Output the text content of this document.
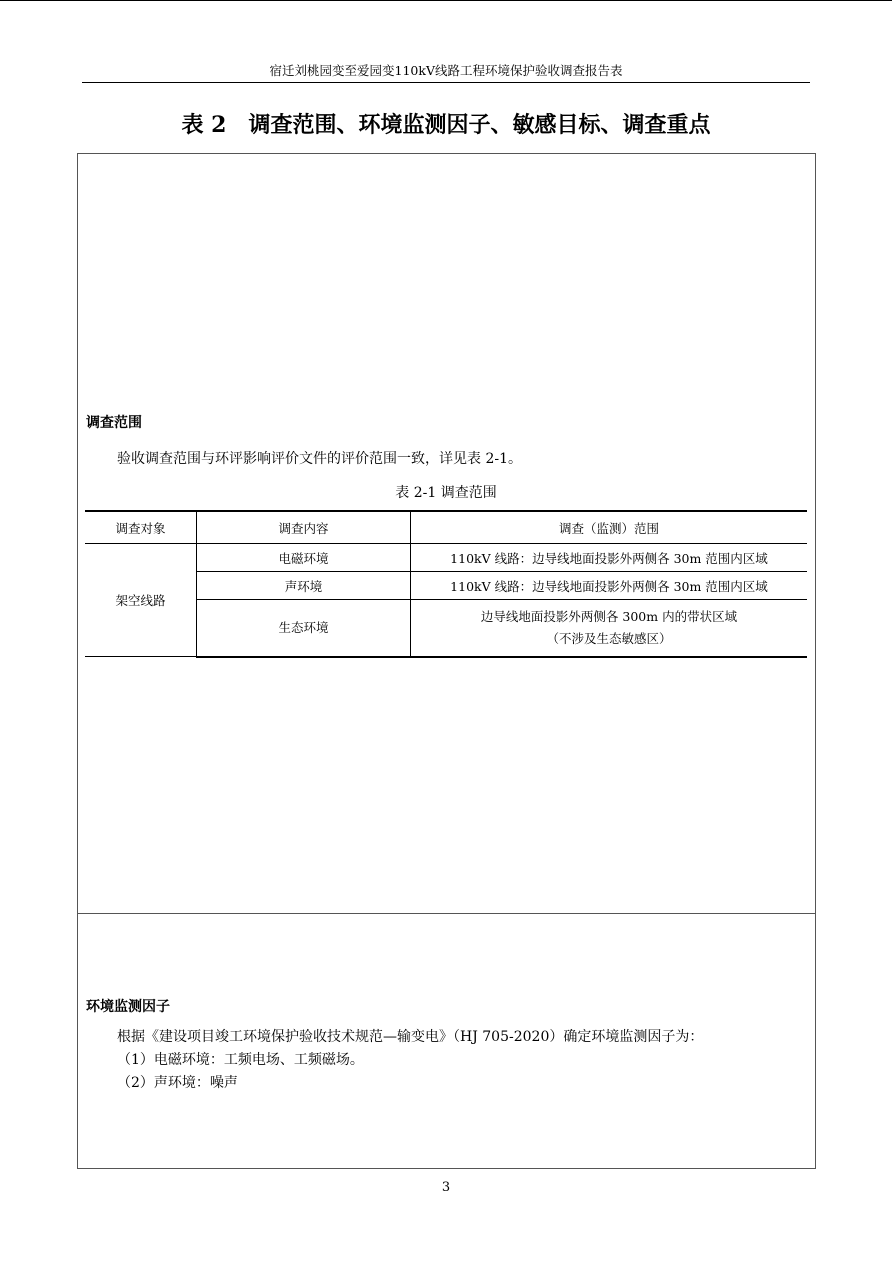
宿迁刘桃园变至爱园变110kV线路工程环境保护验收调查报告表
表 2　调查范围、环境监测因子、敏感目标、调查重点
调查范围
验收调查范围与环评影响评价文件的评价范围一致，详见表 2-1。
表 2-1 调查范围
调查对象	调查内容	调查（监测）范围
架空线路	电磁环境	110kV 线路：边导线地面投影外两侧各 30m 范围内区域
	声环境	110kV 线路：边导线地面投影外两侧各 30m 范围内区域
	生态环境	边导线地面投影外两侧各 300m 内的带状区域
（不涉及生态敏感区）
环境监测因子
根据《建设项目竣工环境保护验收技术规范—输变电》（HJ 705-2020）确定环境监测因子为：
（1）电磁环境：工频电场、工频磁场。
（2）声环境：噪声
3
